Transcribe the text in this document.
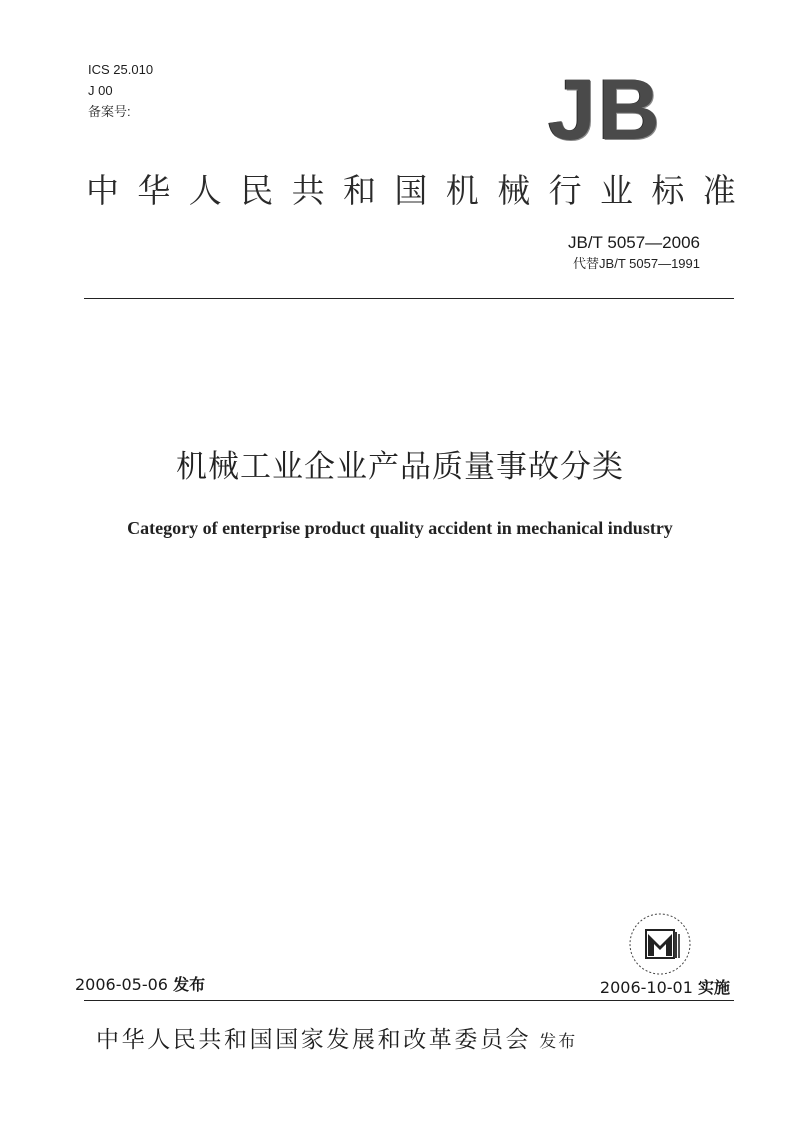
ICS 25.010
J 00
备案号:	JB
中华人民共和国机械行业标准
JB/T 5057—2006
代替JB/T 5057—1991
机械工业企业产品质量事故分类
Category of enterprise product quality accident in mechanical industry
2006-05-06 发布	2006-10-01 实施
中华人民共和国国家发展和改革委员会 发布
